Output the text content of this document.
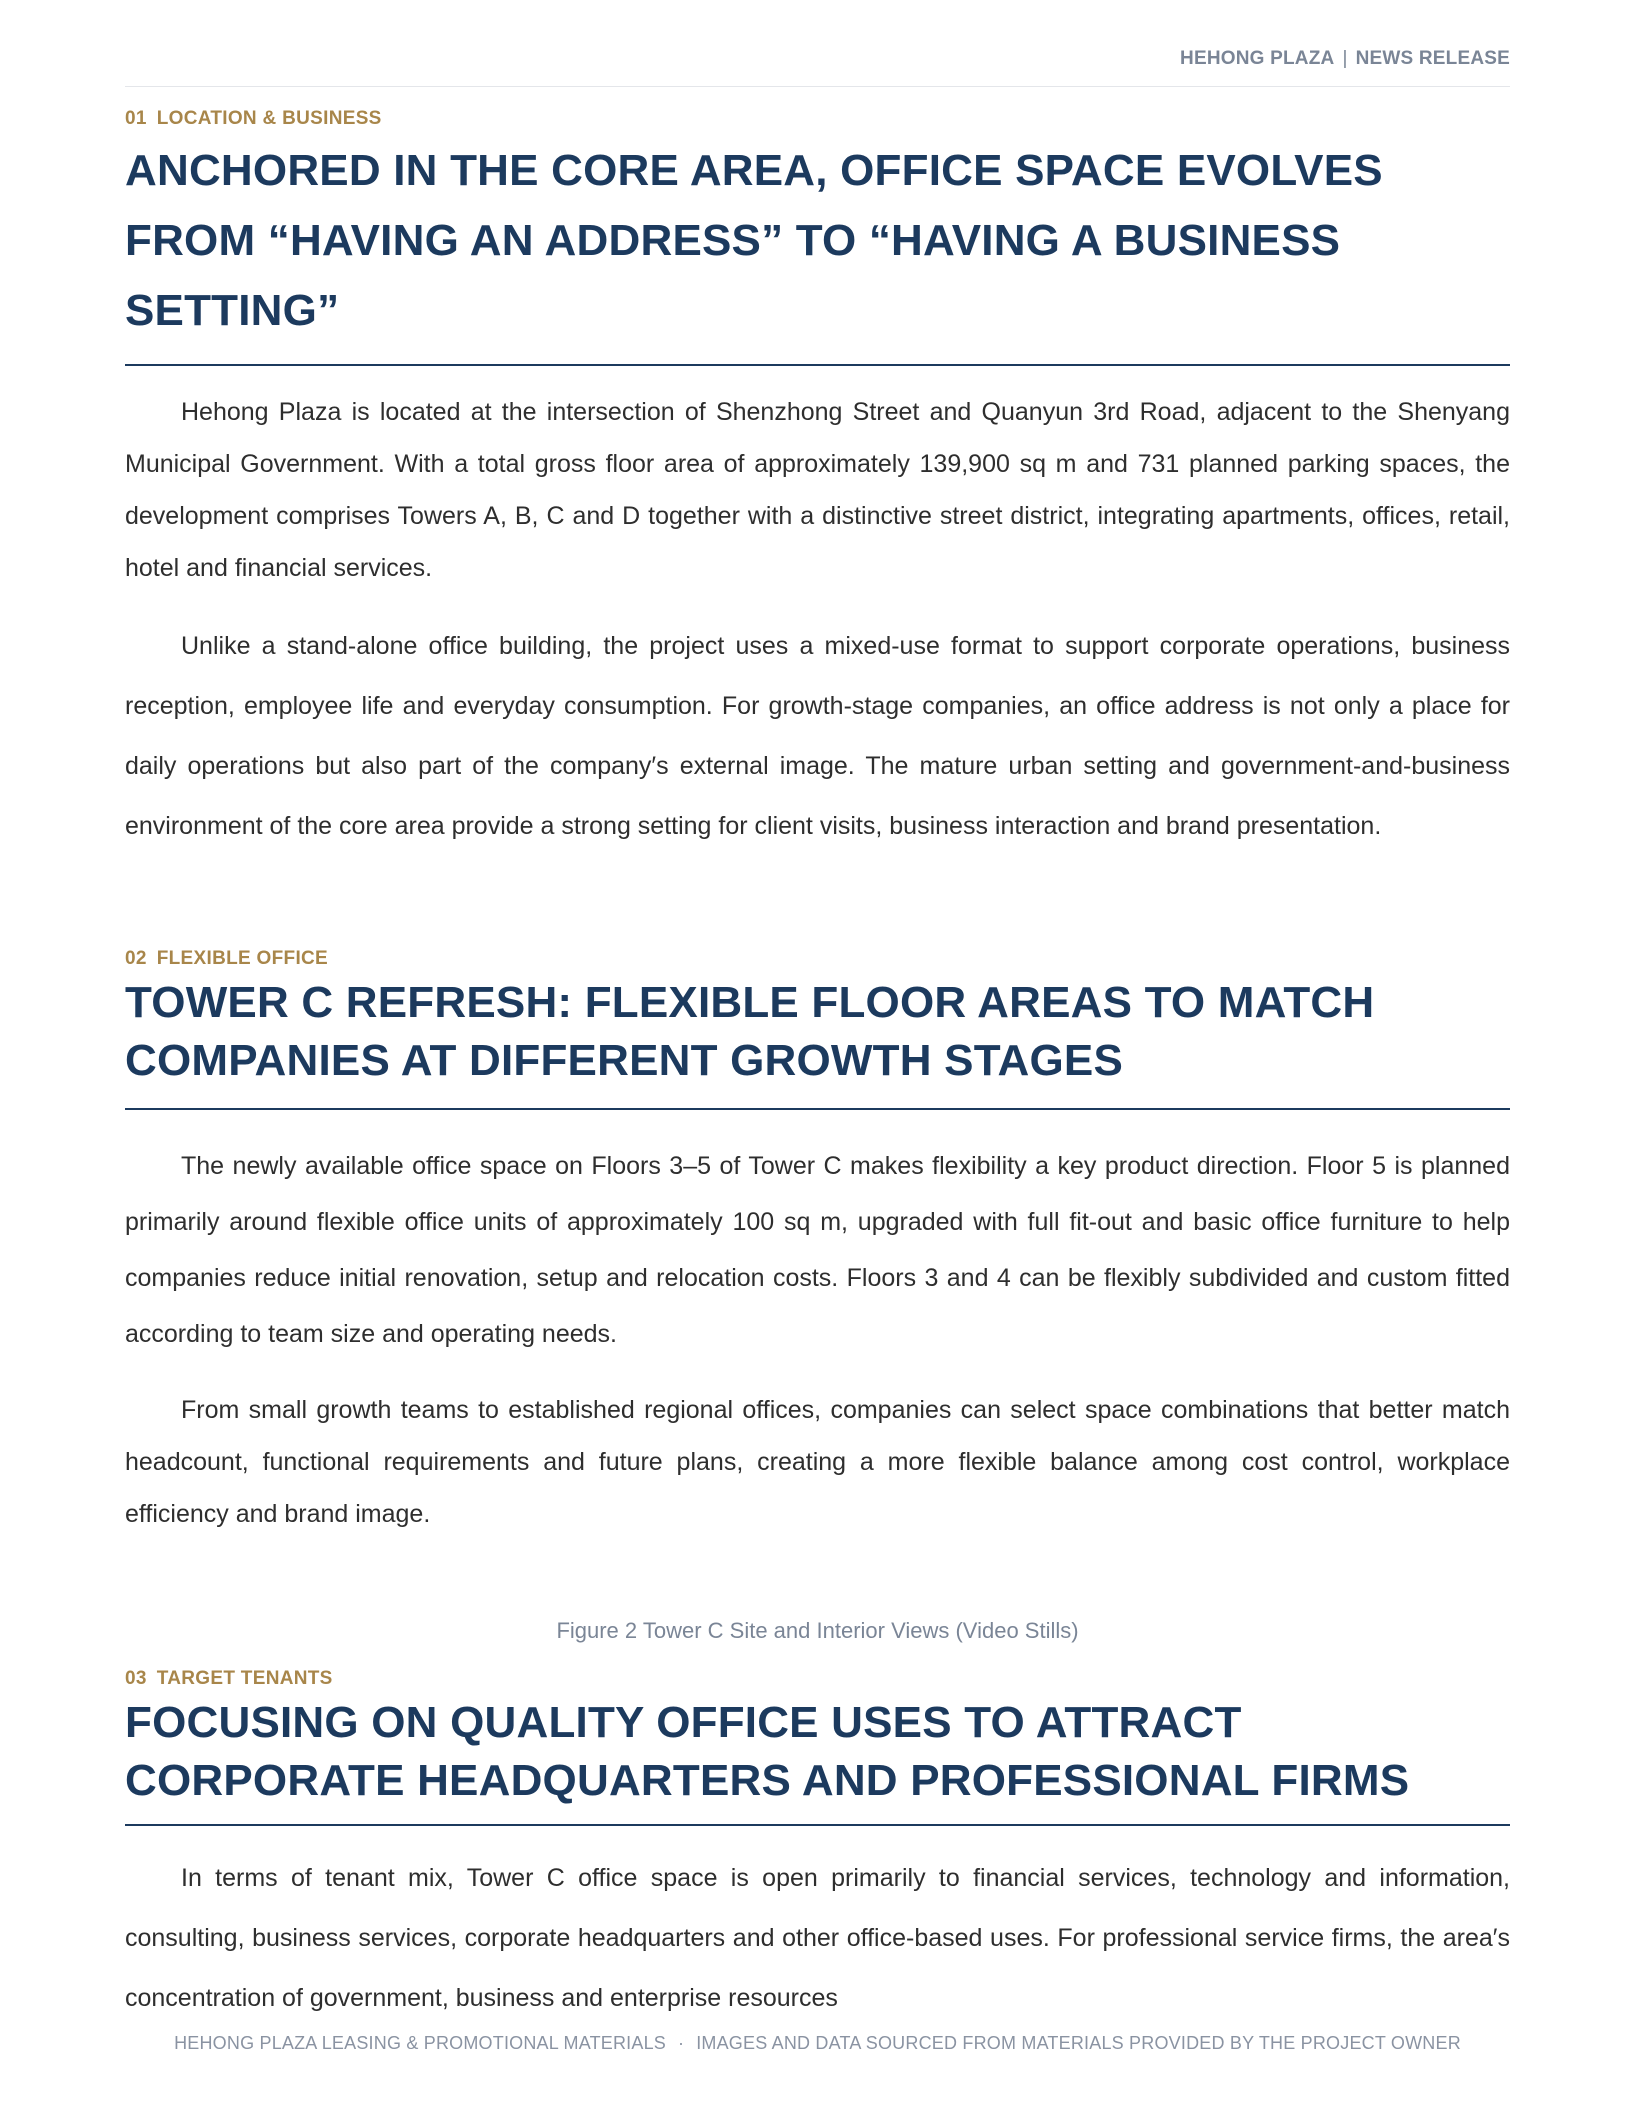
HEHONG PLAZA | NEWS RELEASE

01 LOCATION & BUSINESS

ANCHORED IN THE CORE AREA, OFFICE SPACE EVOLVES FROM “HAVING AN ADDRESS” TO “HAVING A BUSINESS SETTING”

Hehong Plaza is located at the intersection of Shenzhong Street and Quanyun 3rd Road, adjacent to the Shenyang Municipal Government. With a total gross floor area of approximately 139,900 sq m and 731 planned parking spaces, the development comprises Towers A, B, C and D together with a distinctive street district, integrating apartments, offices, retail, hotel and financial services.

Unlike a stand-alone office building, the project uses a mixed-use format to support corporate operations, business reception, employee life and everyday consumption. For growth-stage companies, an office address is not only a place for daily operations but also part of the company′s external image. The mature urban setting and government-and-business environment of the core area provide a strong setting for client visits, business interaction and brand presentation.

02 FLEXIBLE OFFICE

TOWER C REFRESH: FLEXIBLE FLOOR AREAS TO MATCH COMPANIES AT DIFFERENT GROWTH STAGES

The newly available office space on Floors 3–5 of Tower C makes flexibility a key product direction. Floor 5 is planned primarily around flexible office units of approximately 100 sq m, upgraded with full fit-out and basic office furniture to help companies reduce initial renovation, setup and relocation costs. Floors 3 and 4 can be flexibly subdivided and custom fitted according to team size and operating needs.

From small growth teams to established regional offices, companies can select space combinations that better match headcount, functional requirements and future plans, creating a more flexible balance among cost control, workplace efficiency and brand image.

Figure 2 Tower C Site and Interior Views (Video Stills)

03 TARGET TENANTS

FOCUSING ON QUALITY OFFICE USES TO ATTRACT CORPORATE HEADQUARTERS AND PROFESSIONAL FIRMS

In terms of tenant mix, Tower C office space is open primarily to financial services, technology and information, consulting, business services, corporate headquarters and other office-based uses. For professional service firms, the area′s concentration of government, business and enterprise resources

HEHONG PLAZA LEASING & PROMOTIONAL MATERIALS · IMAGES AND DATA SOURCED FROM MATERIALS PROVIDED BY THE PROJECT OWNER
